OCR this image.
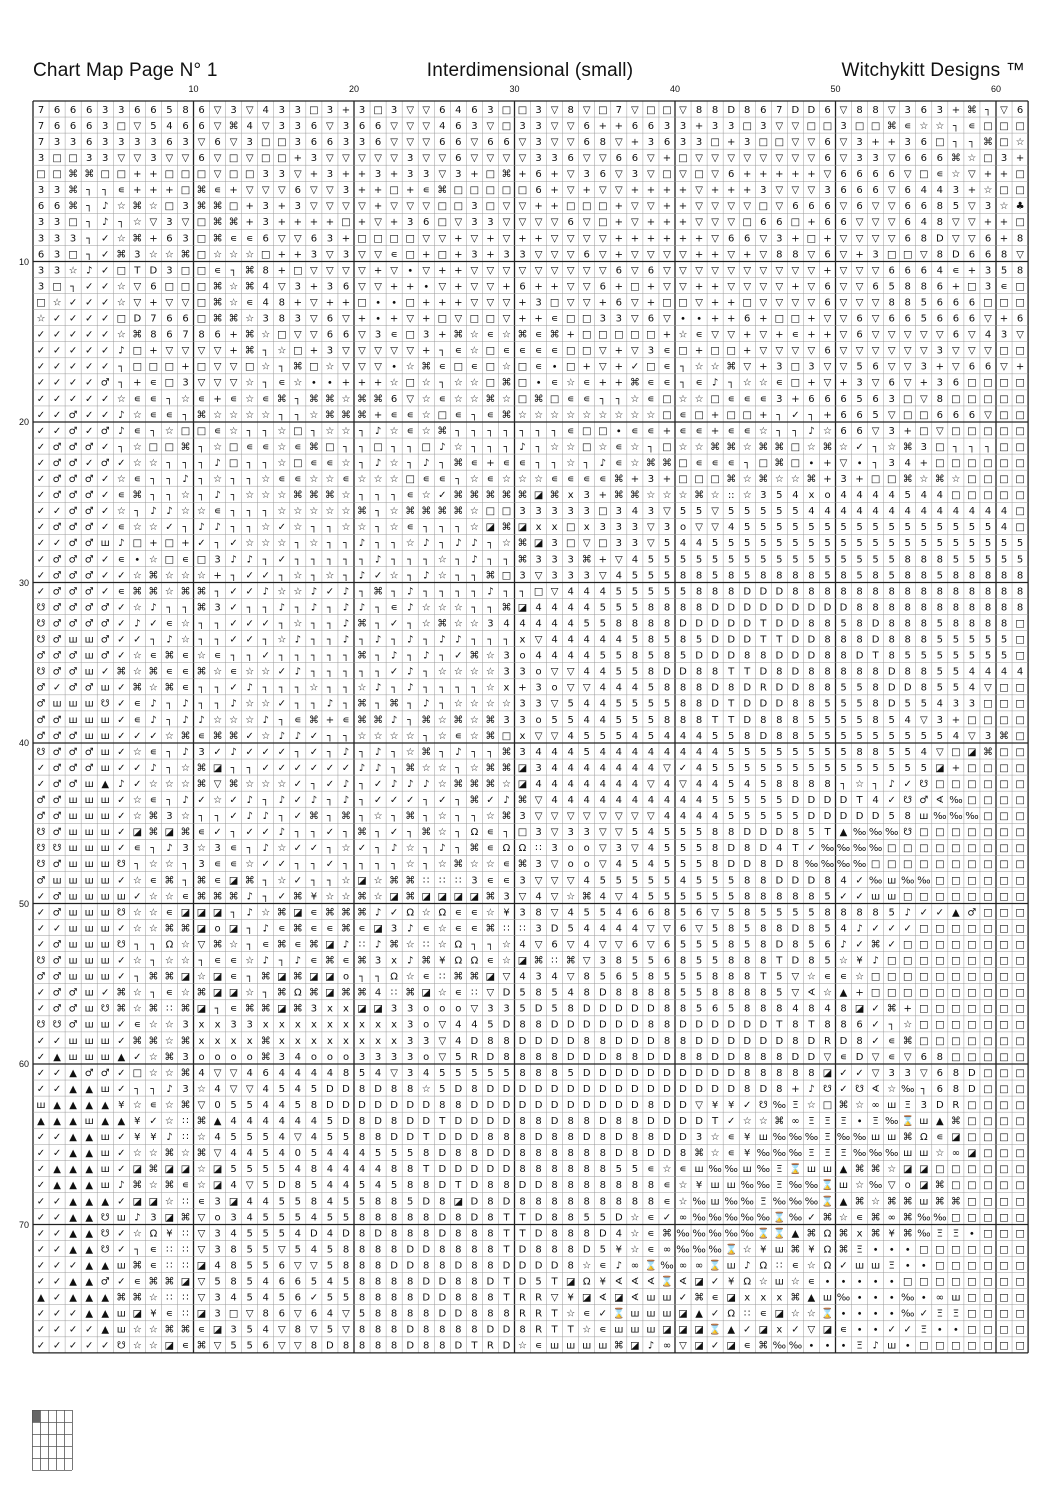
Chart Map Page N° 1	Interdimensional (small)	Witchykitt Designs ™
10	20	30	40	50	60
10
20
30
40
50
60
70
7 6 6 6 3 3 6 6 5 8 6 ▽ 3 ▽ 4 3 3 □ 3 + 3 □ 3 ▽ ▽ 6 4 6 3 □ □ 3 ▽ 8 ▽ □ 7 ▽ □ □ ▽ 8 8 D 8 6 7 D D 6 ▽ 8 8 ▽ 3 6 3 + ⌘ ┐ ▽ 6
7 6 6 6 3 □ ▽ 5 4 6 6 ▽ ⌘ 4 ▽ 3 3 6 ▽ 3 6 6 ▽ ▽ ▽ 4 6 3 ▽ □ 3 3 ▽ ▽ 6 + + 6 6 3 3 + 3 3 □ 3 ▽ ▽ □ □ 3 □ □ ⌘ ∊ ☆ ☆ ┐ ∊ □ □ □
7 3 3 6 3 3 3 3 6 3 ▽ 6 ▽ 3 □ □ 3 6 6 3 3 6 ▽ ▽ ▽ 6 6 ▽ 6 6 ▽ 3 ▽ ▽ 6 8 ▽ + 3 6 3 3 □ + 3 □ □ ▽ ▽ 6 ▽ 3 + + 3 6 □ ┐ ┐ ⌘ □ ☆
3 □ □ 3 3 ▽ ▽ 3 ▽ ▽ 6 ▽ □ ▽ □ □ + 3 ▽ ▽ ▽ ▽ ▽ 3 ▽ ▽ 6 ▽ ▽ ▽ ▽ 3 3 6 ▽ ▽ 6 6 ▽ + □ ▽ ▽ ▽ ▽ ▽ ▽ ▽ ▽ 6 ▽ 3 3 ▽ 6 6 6 ⌘ ☆ □ 3 +
□ □ ⌘ ⌘ □ □ + + □ □ □ ▽ □ □ 3 3 ▽ + 3 + + 3 + 3 3 ▽ 3 + □ ⌘ + 6 + ▽ 3 6 ▽ 3 ▽ □ ▽ □ ▽ 6 + + + + + ▽ 6 6 6 6 ▽ □ ∊ ☆ ▽ + + □
3 3 ⌘ ┐ ┐ ∊ + + + □ ⌘ ∊ + ▽ ▽ ▽ 6 ▽ ▽ 3 + + □ + ∊ ⌘ □ □ □ □ □ 6 + ▽ + ▽ ▽ + + + + ▽ + + + 3 ▽ ▽ ▽ 3 6 6 6 ▽ 6 4 4 3 + ☆ □ □
6 6 ⌘ ┐ ♪ ☆ ⌘ ☆ □ 3 ⌘ ⌘ □ + 3 + 3 ▽ ▽ ▽ ▽ + ▽ ▽ ▽ □ □ 3 □ ▽ ▽ + + □ □ □ + ▽ ▽ + + ▽ ▽ ▽ ▽ □ ▽ 6 6 6 ▽ 6 ▽ ▽ 6 6 8 5 ▽ 3 ☆ ♣
3 3 □ ┐ ♪ ┐ ☆ ▽ 3 ▽ □ ⌘ ⌘ + 3 + + + + □ + ▽ + 3 6 □ ▽ 3 3 ▽ ▽ ▽ ▽ 6 ▽ □ + ▽ + + + ▽ ▽ ▽ □ 6 6 □ + 6 6 ▽ ▽ ▽ 6 4 8 ▽ ▽ + + □
3 3 3 ┐ ✓ ☆ ⌘ + 6 3 □ ⌘ ∊ ∊ 6 ▽ ▽ 6 3 + □ □ □ □ ▽ ▽ + ▽ + ▽ + + ▽ ▽ ▽ ▽ + + + + + + ▽ 6 6 ▽ 3 + □ + ▽ ▽ ▽ ▽ 6 8 D ▽ ▽ 6 + 8
6 3 □ ┐ ✓ ⌘ 3 ☆ ☆ ⌘ □ ☆ ☆ ☆ □ + + 3 ▽ 3 ▽ ▽ ∊ □ + □ + 3 + 3 3 ▽ ▽ ▽ 6 ▽ + ▽ ▽ ▽ ▽ + + ▽ + ▽ 8 8 ▽ 6 ▽ + 3 □ □ ▽ 8 D 6 6 8 ▽
3 3 ☆ ♪ ✓ □ T D 3 □ □ ∊ ┐ ⌘ 8 + □ ▽ ▽ ▽ ▽ + ▽ ∙ ▽ + + ▽ ▽ ▽ ▽ ▽ ▽ ▽ ▽ ▽ 6 ▽ 6 ▽ ▽ ▽ ▽ ▽ ▽ ▽ ▽ ▽ ▽ + ▽ ▽ ▽ 6 6 6 4 ∊ + 3 5 8
3 □ ┐ ✓ ✓ ☆ ▽ 6 □ □ □ ⌘ ☆ ⌘ 4 ▽ 3 + 3 6 ▽ ▽ + + ∙ ▽ + ▽ ▽ + 6 + + ▽ ▽ 6 + □ + ▽ ▽ + + ▽ ▽ ▽ ▽ + ▽ 6 ▽ ▽ 6 5 8 8 6 + □ 3 ∊ □
□ ☆ ✓ ✓ ✓ ☆ ▽ + ▽ ▽ □ ⌘ ☆ ∊ 4 8 + ▽ + + □ ∙ ∙ □ + + + ▽ ▽ ▽ + 3 □ ▽ ▽ + 6 ▽ + □ □ ▽ + + □ ▽ ▽ ▽ ▽ 6 ▽ ▽ ▽ 8 8 5 6 6 6 □ □ □
☆ ✓ ✓ ✓ ✓ □ D 7 6 6 □ ⌘ ⌘ ☆ 3 8 3 ▽ 6 ▽ + ∙ + ▽ + □ ▽ □ □ ▽ + + ∊ □ □ 3 3 ▽ 6 ▽ ∙ ∙ + + 6 + □ □ + ▽ ▽ 6 ▽ 6 6 5 6 6 6 ▽ + 6
✓ ✓ ✓ ✓ ✓ ☆ ⌘ 8 6 7 8 6 + ⌘ ☆ □ ▽ ▽ 6 6 ▽ 3 ∊ □ 3 + ⌘ ☆ ∊ ☆ ⌘ ∊ ⌘ + □ □ □ □ □ + ☆ ∊ ▽ ▽ + ▽ + ∊ + + ▽ 6 ▽ ▽ ▽ ▽ ▽ 6 ▽ 4 3 ▽
✓ ✓ ✓ ✓ ✓ ♪ □ + ▽ ▽ ▽ ▽ + ⌘ ┐ ☆ □ + 3 ▽ ▽ ▽ ▽ ▽ + ┐ ∊ ☆ □ ∊ ∊ ∊ ∊ □ □ ▽ + ▽ 3 ∊ □ + □ □ + ▽ ▽ ▽ ▽ 6 ▽ ▽ ▽ ▽ ▽ ▽ 3 ▽ ▽ ▽ □ □
✓ ✓ ✓ ✓ ✓ ┐ □ □ □ + □ ▽ ▽ □ ☆ ┐ ⌘ □ ☆ ▽ ▽ ▽ ∙ ☆ ⌘ ∊ □ ∊ □ ☆ □ ∊ ∙ □ + ▽ + ✓ □ ∊ ┐ ☆ ☆ ⌘ ▽ + 3 □ 3 ▽ ▽ 5 6 ▽ ▽ 3 + ▽ 6 6 ▽ +
✓ ✓ ✓ ✓ ♂ ┐ + ∊ □ 3 ▽ ▽ ▽ ☆ ┐ ∊ ☆ ∙ ∙ + + + ☆ □ ☆ ┐ ☆ ☆ □ ⌘ □ ∙ ∊ ☆ ∊ + + ⌘ ∊ ∊ ┐ ∊ ♪ ┐ ☆ ☆ ∊ □ + ▽ + 3 ▽ 6 ▽ + 3 6 □ □ □ □
✓ ✓ ✓ ✓ ✓ ☆ ∊ ∊ ┐ ☆ ∊ + ∊ ☆ ∊ ⌘ ┐ ⌘ ⌘ ☆ ⌘ ⌘ 6 ▽ ☆ ∊ ☆ ☆ ⌘ ☆ □ ⌘ □ ∊ ∊ ┐ ┐ ☆ ∊ □ ☆ ☆ □ ∊ ∊ ∊ 3 + 6 6 6 5 6 3 □ ▽ 8 □ □ □ □ □
✓ ✓ ♂ ✓ ✓ ♪ ☆ ∊ ∊ ┐ ⌘ ☆ ☆ ☆ ☆ ┐ ┐ ☆ ⌘ ⌘ ⌘ + ∊ ∊ ☆ □ ∊ ┐ ∊ ⌘ ☆ ☆ ☆ ☆ ☆ ☆ ☆ ☆ ☆ □ ∊ □ + □ □ + ┐ ✓ ┐ + 6 6 5 ▽ □ □ 6 6 6 ▽ □ □
✓ ✓ ♂ ✓ ♂ ♪ ∊ ┐ ☆ □ □ ∊ ☆ ┐ ┐ ☆ □ ┐ ☆ ☆ ┐ ♪ ☆ ∊ ☆ ⌘ ┐ ┐ ┐ ┐ ┐ ┐ ┐ ∊ □ □ ∙ ∊ ∊ + ∊ ∊ + ∊ ∊ ☆ ┐ ┐ ♪ ☆ 6 6 ▽ 3 + □ ▽ □ □ □ □ □
✓ ♂ ♂ ♂ ✓ ┐ ☆ □ □ ⌘ ┐ ☆ □ ∊ ∊ ☆ ∊ ⌘ □ ┐ ┐ □ ┐ ┐ □ ♪ ☆ ┐ ┐ ┐ ♪ ┐ ☆ ☆ □ ☆ ∊ ☆ ┐ □ ☆ ☆ ⌘ ⌘ ☆ ⌘ ⌘ □ ☆ ⌘ ☆ ✓ ┐ ☆ ⌘ 3 □ ┐ ┐ ┐ □ □
✓ ♂ ♂ ✓ ♂ ✓ ☆ ☆ ┐ ┐ ┐ ♪ □ ┐ ┐ ☆ □ ∊ ∊ ☆ ┐ ♪ ☆ ┐ ♪ ┐ ⌘ ∊ + ∊ ∊ ┐ ┐ ☆ ┐ ♪ ∊ ☆ ⌘ ⌘ □ ∊ ∊ ∊ ┐ □ ⌘ □ ∙ + ▽ ∙ ┐ 3 4 + □ □ □ □ □ □
✓ ♂ ♂ ♂ ✓ ☆ ∊ ┐ ┐ ♪ ┐ ☆ ┐ ┐ ☆ ∊ ∊ ☆ ☆ ∊ ☆ ☆ ☆ □ ∊ ∊ ┐ ☆ ∊ ☆ ☆ ☆ ∊ ∊ ∊ ∊ ⌘ + 3 + □ □ □ ⌘ ☆ ⌘ ☆ ☆ ⌘ + 3 + □ □ ⌘ ☆ ⌘ ☆ □ □ □ □
✓ ♂ ♂ ♂ ✓ ∊ ⌘ ┐ ┐ ☆ ┐ ♪ ┐ ☆ ☆ ☆ ⌘ ⌘ ⌘ ☆ ┐ ┐ ┐ ∊ ☆ ✓ ⌘ ⌘ ⌘ ⌘ ⌘ ◪ ⌘ x 3 + ⌘ ⌘ ☆ ☆ ☆ ⌘ ☆ :: ☆ 3 5 4 x o 4 4 4 4 5 4 4 □ □ □ □ □
✓ ✓ ♂ ♂ ✓ ☆ ┐ ♪ ♪ ☆ ☆ ∊ ┐ ┐ ┐ ☆ ☆ ☆ ☆ ☆ ⌘ ┐ ☆ ⌘ ⌘ ⌘ ⌘ ☆ □ □ 3 3 3 3 3 □ 3 4 3 ▽ 5 5 ▽ 5 5 5 5 5 4 4 4 4 4 4 4 4 4 4 4 4 4 □
✓ ♂ ♂ ♂ ✓ ∊ ☆ ☆ ✓ ┐ ♪ ♪ ┐ ┐ ☆ ✓ ☆ ┐ ┐ ☆ ☆ ┐ ☆ ∊ ┐ ┐ ┐ ☆ ◪ ⌘ ◪ x x □ x 3 3 3 ▽ 3 o ▽ ▽ 4 5 5 5 5 5 5 5 5 5 5 5 5 5 5 5 5 4 □
✓ ✓ ♂ ♂ ш ♪ □ + □ + ✓ ┐ ✓ ☆ ☆ ☆ ┐ ☆ ┐ ┐ ♪ ┐ ┐ ☆ ♪ ┐ ♪ ♪ ┐ ☆ ⌘ ◪ 3 □ ▽ □ 3 3 ▽ 5 4 4 5 5 5 5 5 5 5 5 5 5 5 5 5 5 5 5 5 5 5 5
✓ ♂ ♂ ♂ ✓ ∊ ∙ ☆ □ ∊ □ 3 ♪ ♪ ┐ ✓ ┐ ┐ ┐ ┐ ┐ ♪ ┐ ┐ ┐ ☆ ┐ ♪ ┐ ┐ ⌘ 3 3 3 ⌘ + ▽ 4 5 5 5 5 5 5 5 5 5 5 5 5 5 5 5 5 8 8 8 5 5 5 5 5
✓ ♂ ♂ ♂ ✓ ✓ ☆ ⌘ ☆ ☆ ☆ + ┐ ✓ ✓ ┐ ☆ ┐ ☆ ┐ ♪ ✓ ☆ ┐ ♪ ☆ ┐ ┐ ⌘ □ 3 ▽ 3 3 3 ▽ 4 5 5 5 8 8 5 8 5 8 8 8 8 5 8 5 8 5 8 8 5 8 8 8 8 8
✓ ♂ ♂ ♂ ✓ ∊ ⌘ ⌘ ☆ ⌘ ⌘ ┐ ✓ ✓ ♪ ☆ ☆ ♪ ✓ ♪ ┐ ⌘ ┐ ♪ ┐ ┐ ┐ ┐ ♪ ┐ ┐ □ ▽ 4 4 4 5 5 5 5 5 8 8 8 D D D 8 8 8 8 8 8 8 8 8 8 8 8 8 8 8
☋ ♂ ♂ ♂ ♂ ✓ ☆ ♪ ┐ ┐ ⌘ 3 ✓ ┐ ┐ ♪ ┐ ♪ ┐ ♪ ♪ ┐ ∊ ♪ ☆ ☆ ☆ ┐ ┐ ⌘ ◪ 4 4 4 4 5 5 5 8 8 8 8 D D D D D D D D D 8 8 8 8 8 8 8 8 8 8 8
☋ ♂ ♂ ♂ ♂ ✓ ♪ ✓ ∊ ☆ ┐ ┐ ✓ ✓ ✓ ┐ ☆ ┐ ┐ ♪ ⌘ ┐ ✓ ┐ ☆ ⌘ ☆ ☆ 3 4 4 4 4 4 5 5 8 8 8 8 D D D D D T D D 8 8 5 8 D 8 8 8 5 8 8 8 8 □
☋ ♂ ш ш ♂ ✓ ✓ ┐ ♪ ☆ ┐ ┐ ✓ ✓ ┐ ☆ ♪ ┐ ┐ ♪ ┐ ♪ ┐ ♪ ┐ ♪ ♪ ┐ ┐ ┐ x ▽ 4 4 4 4 4 5 8 5 8 5 D D D T T D D 8 8 8 D 8 8 8 5 5 5 5 5 □
♂ ♂ ♂ ш ♂ ✓ ☆ ∊ ⌘ ∊ ☆ ∊ ┐ ┐ ✓ ┐ ┐ ┐ ┐ ┐ ⌘ ┐ ♪ ┐ ♪ ┐ ✓ ⌘ ☆ 3 o 4 4 4 4 5 5 8 5 8 5 D D D 8 8 D D D 8 8 D T 8 5 5 5 5 5 5 5 □
☋ ♂ ♂ ш ✓ ⌘ ☆ ⌘ ∊ ∊ ⌘ ☆ ∊ ☆ ☆ ✓ ♪ ┐ ┐ ┐ ┐ ┐ ✓ ♪ ┐ ☆ ☆ ☆ ☆ 3 3 o ▽ ▽ 4 4 5 5 8 D D 8 8 T T D 8 D 8 8 8 8 8 D 8 8 5 5 4 4 4 4
♂ ✓ ♂ ♂ ш ✓ ⌘ ☆ ⌘ ∊ ┐ ┐ ✓ ♪ ┐ ┐ ┐ ☆ ┐ ┐ ☆ ♪ ┐ ♪ ┐ ┐ ┐ ┐ ☆ x + 3 o ▽ ▽ 4 4 4 5 8 8 8 D 8 D R D D 8 8 5 5 8 D D 8 5 5 4 ▽ □ □
♂ ш ш ш ☋ ✓ ∊ ♪ ┐ ♪ ┐ ┐ ♪ ☆ ☆ ✓ ┐ ┐ ♪ ┐ ⌘ ┐ ⌘ ┐ ♪ ┐ ☆ ☆ ☆ ☆ 3 3 ▽ 5 4 4 5 5 5 5 8 8 D T D D D 8 8 5 5 5 8 D 5 5 4 3 3 □ □ □
♂ ♂ ш ш ш ✓ ∊ ♪ ┐ ♪ ♪ ☆ ☆ ☆ ♪ ┐ ∊ ⌘ + ∊ ⌘ ⌘ ♪ ┐ ⌘ ☆ ⌘ ☆ ⌘ 3 3 o 5 5 4 4 5 5 5 8 8 8 T T D 8 8 8 5 5 5 5 8 5 4 ▽ 3 + □ □ □ □
♂ ♂ ♂ ш ш ✓ ✓ ✓ ☆ ⌘ ∊ ⌘ ⌘ ✓ ☆ ♪ ♪ ✓ ┐ ┐ ☆ ☆ ☆ ☆ ┐ ☆ ∊ ☆ ⌘ □ x ▽ ▽ 4 5 5 5 4 5 4 4 4 5 5 8 D 8 8 5 5 5 5 5 5 5 5 5 4 ▽ 3 ⌘ □
☋ ♂ ♂ ♂ ш ✓ ☆ ∊ ┐ ♪ 3 ✓ ♪ ✓ ✓ ✓ ┐ ✓ ┐ ♪ ┐ ♪ ┐ ☆ ⌘ ┐ ♪ ┐ ┐ ⌘ 3 4 4 4 5 4 4 4 4 4 4 4 4 5 5 5 5 5 5 5 5 8 8 5 5 4 ▽ □ ◪ ⌘ □ □
✓ ♂ ♂ ♂ ш ✓ ✓ ♪ ┐ ☆ ⌘ ◪ ┐ ┐ ✓ ✓ ✓ ✓ ✓ ✓ ♪ ♪ ┐ ⌘ ☆ ☆ ┐ ☆ ⌘ ⌘ ◪ 3 4 4 4 4 4 4 4 ▽ ✓ 4 5 5 5 5 5 5 5 5 5 5 5 5 5 5 ◪ + □ □ □ □
✓ ♂ ♂ ш ▲ ♪ ✓ ☆ ☆ ☆ ⌘ ▽ ⌘ ☆ ☆ ☆ ✓ ┐ ✓ ♪ ┐ ✓ ♪ ♪ ♪ ☆ ⌘ ⌘ ⌘ ☆ ◪ 4 4 4 4 4 4 4 ▽ 4 ▽ 4 4 5 4 5 8 8 8 8 ┐ ☆ ┐ ♪ ✓ ☋ □ □ □ □ □ □
♂ ♂ ш ш ш ✓ ☆ ∊ ┐ ♪ ✓ ☆ ✓ ♪ ┐ ♪ ✓ ♪ ┐ ♪ ┐ ✓ ✓ ✓ ┐ ✓ ┐ ⌘ ✓ ♪ ⌘ ▽ 4 4 4 4 4 4 4 4 4 4 5 5 5 5 5 D D D D T 4 ✓ ☋ ♂ ∢ ‰ □ □ □ □
♂ ♂ ш ш ш ✓ ☆ ⌘ 3 ☆ ┐ ┐ ✓ ♪ ♪ ┐ ✓ ⌘ ┐ ⌘ ┐ ☆ ┐ ⌘ ┐ ☆ ┐ ┐ ☆ ⌘ 3 ▽ ▽ ▽ ▽ ▽ ▽ ▽ ▽ 4 4 4 4 5 5 5 5 5 D D D D D 5 8 ш ‰ ‰ ‰ □ □ □
☋ ♂ ш ш ш ✓ ◪ ⌘ ◪ ⌘ ∊ ✓ ┐ ✓ ✓ ♪ ┐ ┐ ✓ ┐ ⌘ ┐ ✓ ┐ ⌘ ☆ ┐ Ω ∊ ┐ □ 3 ▽ 3 3 ▽ ▽ 5 4 5 5 5 8 8 D D D 8 5 T ▲ ‰ ‰ ‰ ☋ □ □ □ □ □ □ □
☋ ☋ ш ш ш ✓ ∊ ┐ ♪ 3 ☆ 3 ∊ ┐ ♪ ☆ ✓ ✓ ┐ ☆ ✓ ┐ ♪ ☆ ┐ ♪ ┐ ⌘ ∊ Ω Ω ∷ 3 o o ▽ 3 ▽ 4 5 5 5 8 D 8 D 4 T ✓ ‰ ‰ ‰ ‰ □ □ □ □ □ □ □ □ □
☋ ♂ ш ш ш ☋ ┐ ☆ ☆ ┐ 3 ∊ ∊ ☆ ✓ ✓ ┐ ┐ ✓ ┐ ┐ ┐ ┐ ☆ ┐ ☆ ⌘ ☆ ☆ ∊ ⌘ 3 ▽ o o ▽ 4 5 4 5 5 5 8 D D 8 D 8 ‰ ‰ ‰ ‰ □ □ □ □ □ □ □ □ □ □
♂ ш ш ш ш ✓ ☆ ∊ ⌘ ┐ ⌘ ∊ ◪ ⌘ ┐ ☆ ✓ ┐ ┐ ☆ ◪ ☆ ⌘ ⌘ ∷ ∷ ∷ 3 ∊ ∊ 3 ▽ ▽ ▽ 4 5 5 5 5 5 4 5 5 5 8 8 D D D 8 4 ✓ ‰ ш ‰ ‰ □ □ □ □ □ □
✓ ♂ ш ш ш ш ✓ ☆ ☆ ∊ ⌘ ⌘ ⌘ ♪ ┐ ✓ ⌘ ¥ ☆ ☆ ⌘ ☆ ◪ ⌘ ◪ ◪ ◪ ◪ ⌘ 3 ▽ 4 ▽ ☆ ⌘ 4 ▽ 4 5 5 5 5 5 5 8 8 8 8 8 5 ✓ ✓ ш ш □ □ □ □ □ □ □ □
✓ ♂ ш ш ш ☋ ☆ ☆ ∊ ◪ ◪ ◪ ┐ ♪ ☆ ⌘ ◪ ∊ ⌘ ⌘ ⌘ ♪ ✓ Ω ☆ Ω ∊ ∊ ☆ ¥ 3 8 ▽ 4 5 5 4 6 6 8 5 6 ▽ 5 8 5 5 5 5 8 8 8 8 5 ♪ ✓ ✓ ▲ ♂ □ □ □
✓ ✓ ш ш ш ✓ ☆ ☆ ⌘ ⌘ ◪ o ◪ ┐ ♪ ∊ ⌘ ∊ ∊ ⌘ ∊ ◪ 3 ♪ ∊ ☆ ∊ ∊ ⌘ ∷ ∷ 3 D 5 4 4 4 4 ▽ ▽ 6 ▽ 5 8 5 8 8 D 8 5 4 ♪ ✓ ✓ ✓ □ □ □ □ □ □ □
✓ ♂ ш ш ш ☋ ┐ ┐ Ω ☆ ▽ ⌘ ☆ ┐ ∊ ⌘ ∊ ⌘ ◪ ♪ ∷ ♪ ⌘ ☆ ∷ ☆ Ω ┐ ┐ ☆ 4 ▽ 6 ▽ 4 ▽ ▽ 6 ▽ 6 5 5 5 8 5 8 D 8 5 6 ♪ ✓ ⌘ ✓ □ □ □ □ □ □ □ □
☋ ♂ ш ш ш ✓ ☆ ┐ ☆ ☆ ┐ ∊ ∊ ☆ ♪ ┐ ♪ ∊ ⌘ ∊ ⌘ 3 x ♪ ⌘ ¥ Ω Ω ∊ ☆ ◪ ⌘ ∷ ⌘ ▽ 3 8 5 5 6 8 5 5 8 8 8 T D 8 5 ☆ ¥ ♪ □ □ □ □ □ □ □ □ □
♂ ♂ ш ш ш ✓ ┐ ⌘ ⌘ ◪ ☆ ◪ ∊ ┐ ⌘ ◪ ⌘ ◪ ◪ o ┐ ┐ Ω ☆ ∊ ∷ ⌘ ⌘ ◪ ▽ 4 3 4 ▽ 8 5 6 5 8 5 5 5 8 8 8 T 5 ▽ ☆ ∊ ∊ ☆ □ □ □ □ □ □ □ □ □ □
✓ ♂ ♂ ш ✓ ⌘ ☆ ┐ ∊ ☆ ⌘ ◪ ◪ ☆ ┐ ⌘ Ω ⌘ ◪ ⌘ ⌘ 4 ∷ ⌘ ◪ ☆ ∊ ∷ ▽ D 5 8 5 4 8 D 8 8 8 8 5 5 8 8 8 8 5 ▽ ∢ ☆ ▲ + □ □ □ □ □ □ □ □ □ □
✓ ♂ ♂ ш ☋ ⌘ ☆ ⌘ ∷ ⌘ ◪ ┐ ∊ ⌘ ⌘ ◪ ⌘ 3 x x ◪ ◪ 3 3 o o o ▽ 3 3 5 D 5 8 D D D D D 8 8 5 6 5 8 8 8 4 8 4 8 ◪ ✓ ⌘ + □ □ □ □ □ □ □
☋ ☋ ♂ ш ш ✓ ∊ ☆ ☆ 3 x x 3 3 x x x x x x x x x 3 o ▽ 4 4 5 D 8 8 D D D D D D 8 8 D D D D D D T 8 T 8 8 6 ✓ ┐ ☆ □ □ □ □ □ □ □
✓ ✓ ш ш ш ✓ ⌘ ⌘ ☆ ⌘ x x x x ⌘ x x x x x x x x 3 3 ▽ 4 D 8 8 D D D D 8 8 D D D 8 8 D D D D D D 8 D R D 8 ✓ ∊ ⌘ □ □ □ □ □ □ □
✓ ▲ ш ш ш ▲ ✓ ☆ ⌘ 3 o o o o ⌘ 3 4 o o o 3 3 3 3 o ▽ 5 R D 8 8 8 8 D D D 8 8 D D 8 8 D D 8 8 8 D D ▽ ∊ D ▽ ∊ ▽ 6 8 □ □ □ □ □
✓ ✓ ▲ ♂ ♂ ✓ □ ☆ ☆ ⌘ 4 ▽ ▽ 4 6 4 4 4 4 8 5 4 ▽ 3 4 5 5 5 5 5 8 8 8 5 D D D D D D D D D D 8 8 8 8 8 ◪ ✓ ✓ ▽ 3 3 ▽ 6 8 D □ □ □
✓ ✓ ▲ ▲ ш ✓ ┐ ┐ ♪ 3 ☆ 4 ▽ ▽ 4 5 4 5 D D 8 D 8 8 ☆ 5 D 8 D D D D D D D D D D D D D D D D 8 D 8 + ♪ ☋ ✓ ☋ ∢ ☆ ‰ ┐ 6 8 D □ □ □
ш ▲ ▲ ▲ ▲ ¥ ☆ ∊ ☆ ⌘ ▽ 0 5 5 4 4 5 8 D D D D D D D 8 8 D D D D D D D D D D D 8 D D ▽ ¥ ¥ ✓ ☋ ‰ Ξ ☆ □ ⌘ ☆ ∞ ш Ξ 3 D R □ □ □ □
▲ ▲ ▲ ш ▲ ▲ ¥ ✓ ☆ ∷ ⌘ ▲ 4 4 4 4 4 4 5 D 8 D 8 D D T D D D D 8 8 D 8 8 D 8 8 D D D D T ✓ ☆ ☆ ⌘ ∞ Ξ Ξ Ξ ∙ Ξ ‰ ⌛ ш ▲ ⌘ □ □ □ □
✓ ✓ ▲ ▲ ш ✓ ¥ ¥ ♪ ∷ ☆ 4 5 5 5 4 ▽ 4 5 5 8 8 D D T D D D 8 8 8 D 8 8 D 8 D 8 8 D D 3 ☆ ∊ ¥ ш ‰ ‰ ‰ Ξ ‰ ‰ ш ш ⌘ Ω ∊ ◪ □ □ □ □
✓ ✓ ▲ ▲ ш ✓ ☆ ☆ ⌘ ☆ ⌘ ▽ 4 4 5 4 0 5 4 4 4 5 5 5 8 D 8 8 D D 8 8 8 8 8 8 D 8 D D 8 ⌘ ☆ ∊ ¥ ‰ ‰ ‰ Ξ Ξ Ξ ‰ ‰ ‰ ш ш ☆ ∞ ◪ □ □ □
✓ ▲ ▲ ▲ ш ✓ ◪ ⌘ ◪ ◪ ☆ ◪ 5 5 5 5 4 8 4 4 4 4 8 8 T D D D D D 8 8 8 8 8 8 5 5 ∊ ☆ ∊ ш ‰ ‰ ш ‰ Ξ ⌛ ш ш ▲ ⌘ ⌘ ☆ ◪ ◪ □ □ □ □ □ □
✓ ▲ ▲ ▲ ш ♪ ⌘ ☆ ⌘ ∊ ☆ ◪ 4 ▽ 5 D 8 5 4 4 5 4 5 8 8 D T D 8 8 D D 8 8 8 8 8 8 8 ∊ ☆ ¥ ш ш ‰ ‰ Ξ ‰ ‰ ⌛ ш ☆ ‰ ▽ o ◪ ⌘ □ □ □ □ □
✓ ✓ ▲ ▲ ▲ ✓ ◪ ◪ ☆ ∷ ∊ 3 ◪ 4 4 5 5 8 4 5 5 8 8 5 D 8 ◪ D 8 D 8 8 8 8 8 8 8 8 8 ∊ ☆ ‰ ш ‰ ‰ Ξ ‰ ‰ ‰ ⌛ ▲ ⌘ ☆ ⌘ ⌘ ш ⌘ ⌘ □ □ □ □
✓ ✓ ▲ ▲ ☋ ш ♪ 3 ◪ ⌘ ▽ o 3 4 5 5 5 4 5 5 8 8 8 8 8 D 8 D 8 T T D 8 8 5 5 D ☆ ∊ ✓ ∞ ‰ ‰ ‰ ‰ ‰ ⌛ ‰ ✓ ⌘ ☆ ∊ ⌘ ∞ ⌘ ‰ ‰ □ □ □ □ □
✓ ✓ ▲ ▲ ☋ ✓ ☆ Ω ¥ ∷ ▽ 3 4 5 5 5 4 D 4 D 8 D 8 8 8 D 8 8 8 T T D 8 8 8 D 4 ☆ ∊ ⌘ ‰ ‰ ‰ ‰ ‰ ⌛ ⌛ ▲ ⌘ Ω ⌘ x ⌘ ¥ ⌘ ‰ Ξ Ξ ∙ □ □ □
✓ ✓ ▲ ▲ ☋ ✓ ┐ ∊ ∷ ∷ ▽ 3 8 5 5 ▽ 5 4 5 8 8 8 8 D D 8 8 8 8 T D 8 8 8 D 5 ¥ ☆ ∊ ∞ ‰ ‰ ‰ ⌛ ☆ ¥ ш ⌘ ¥ Ω ⌘ Ξ ∙ ∙ ∙ □ □ □ □ □ □ □
✓ ✓ ✓ ▲ ▲ ш ⌘ ∊ ∷ ∷ ◪ 4 8 5 5 6 ▽ ▽ 5 8 8 8 D D 8 8 D 8 8 D D D D 8 ☆ ∊ ♪ ∞ ⌛ ‰ ∞ ∞ ⌛ ш ♪ Ω ∷ ∊ ☆ Ω ✓ ш ш Ξ ∙ ∙ □ □ □ □ □ □
✓ ✓ ▲ ▲ ♂ ✓ ∊ ⌘ ⌘ ◪ ▽ 5 8 5 4 6 6 5 4 5 8 8 8 8 D D 8 8 D T D 5 T ◪ Ω ¥ ∢ ∢ ∢ ⌛ ∢ ◪ ✓ ¥ Ω ☆ ш ☆ ∊ ∙ ∙ ∙ ∙ ∙ □ □ □ □ □ □ □ □
▲ ✓ ▲ ▲ ▲ ⌘ ⌘ ☆ ∷ ∷ ▽ 3 4 5 4 5 6 ✓ 5 5 8 8 8 8 D D 8 8 8 T R R ▽ ¥ ◪ ∢ ◪ ∢ ш ш ✓ ⌘ ∊ ◪ x x x ⌘ ▲ ш ‰ ∙ ∙ ∙ ‰ ∙ ∞ ш □ □ □ □
✓ ✓ ✓ ▲ ▲ ш ◪ ¥ ∊ ∷ ◪ 3 □ ▽ 8 6 ▽ 6 4 ▽ 5 8 8 8 8 D D 8 8 8 R R T ☆ ∊ ✓ ⌛ ш ш ш ◪ ▲ ✓ Ω ∷ ∊ ◪ ☆ ☆ ⌛ ∙ ∙ ∙ ∙ ‰ ✓ Ξ Ξ □ □ □ □
✓ ✓ ✓ ✓ ▲ ш ☆ ☆ ⌘ ⌘ ∊ ◪ 3 5 4 ▽ 8 ▽ 5 ▽ 8 8 8 D 8 8 8 8 D D 8 R T T ☆ ∊ ш ш ш ◪ ◪ ◪ ⌛ ▲ ✓ ◪ x ✓ ▽ ◪ ∊ ∙ ∙ ✓ ✓ Ξ ∙ ∙ □ □ □ □
✓ ✓ ✓ ✓ ✓ ☋ ☆ ☆ ◪ ∊ ⌘ ▽ 5 5 6 ▽ ▽ 8 D 8 8 8 8 D 8 8 D T R D ☆ ∊ ш ш ш ш ⌘ ◪ ♪ ∞ ▽ ◪ ✓ ◪ ∊ ⌘ ‰ ‰ ∙ ∙ ∙ Ξ ♪ ш ∙ □ □ □ □ □ □ □
